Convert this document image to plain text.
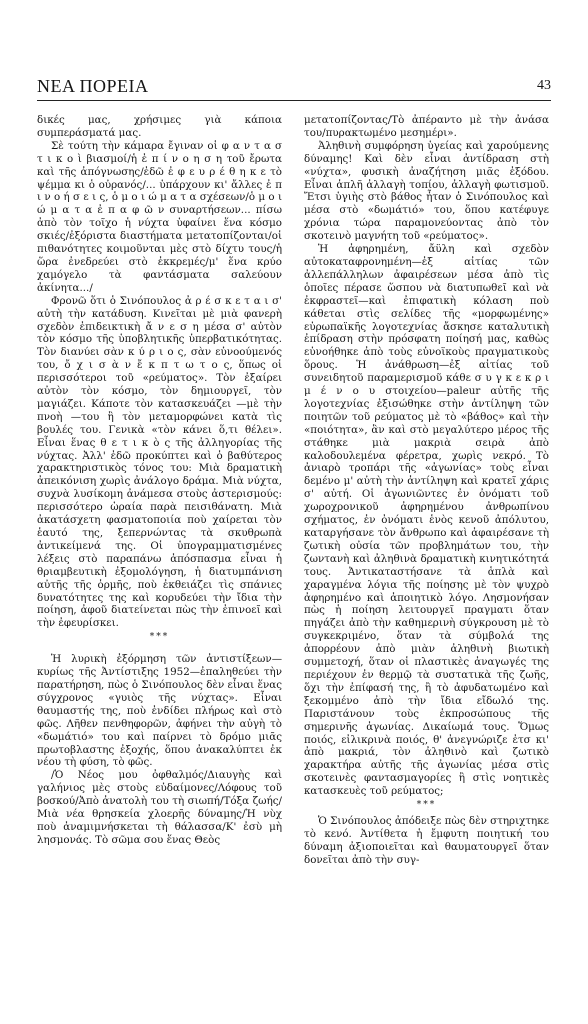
ΝΕΑ ΠΟΡΕΙΑ	43

δικές μας, χρήσιμες γιὰ κάποια συμπεράσματά μας.

Σὲ τούτη τὴν κάμαρα ἔγιναν οἱ φ α ν τ α σ τ ι κ ο ὶ βιασμοί/ἡ ἐ π ί ν ο η σ η τοῦ ἔρωτα καὶ τῆς ἀπόγνωσης/ἐδῶ ἐ φ ε υ ρ έ θ η κ ε τὸ ψέμμα κι ὁ οὐρανός/... ὑπάρχουν κι' ἄλλες ἐ π ι ν ο ή σ ε ι ς, ὁ μ ο ι ώ μ α τ α σχέσεων/ὁ μ ο ι ώ μ α τ α ἐ π α φ ῶ ν συναρτήσεων... πίσω ἀπὸ τὸν τοῖχο ἡ νύχτα ὑφαίνει ἕνα κόσμο σκιές/ἐξόριστα διαστήματα μετατοπίζονται/οἱ πιθανότητες κοιμοῦνται μὲς στὸ δίχτυ τους/ἡ ὥρα ἐνεδρεύει στὸ ἐκκρεμές/μ' ἕνα κρύο χαμόγελο τὰ φαντάσματα σαλεύουν ἀκίνητα.../

Φρονῶ ὅτι ὁ Σινόπουλος ἀ ρ έ σ κ ε τ α ι σ' αὐτὴ τὴν κατάδυση. Κινεῖται μὲ μιὰ φανερὴ σχεδὸν ἐπιδεικτικὴ ἄ ν ε σ η μέσα σ' αὐτὸν τὸν κόσμο τῆς ὑποβλητικῆς ὑπερβατικότητας. Τὸν διανύει σὰν κ ύ ρ ι ο ς, σὰν εὐνοούμενός του, ὄ χ ι σ ὰ ν ἔ κ π τ ω τ ο ς, ὅπως οἱ περισσότεροι τοῦ «ρεύματος». Τὸν ἐξαίρει αὐτὸν τὸν κόσμο, τὸν δημιουργεῖ, τὸν μαγιάζει. Κάποτε τὸν κατασκευάζει —μὲ τὴν πνοὴ —του ἢ τὸν μεταμορφώνει κατὰ τὶς βουλές του. Γενικὰ «τὸν κάνει ὅ,τι θέλει». Εἶναι ἕνας θ ε τ ι κ ὸ ς τῆς ἀλληγορίας τῆς νύχτας. Ἀλλ' ἐδῶ προκύπτει καὶ ὁ βαθύτερος χαρακτηριστικὸς τόνος του: Μιὰ δραματικὴ ἀπεικόνιση χωρὶς ἀνάλογο δράμα. Μιὰ νύχτα, συχνὰ λυσίκομη ἀνάμεσα στοὺς ἀστερισμούς: περισσότερο ὡραία παρὰ πεισιθάνατη. Μιὰ ἀκατάσχετη φασματοποιία ποὺ χαίρεται τὸν ἑαυτό της, ξεπερνώντας τὰ σκυθρωπὰ ἀντικείμενά της. Οἱ ὑπογραμματισμένες λέξεις στὸ παραπάνω ἀπόσπασμα εἶναι ἡ θριαμβευτικὴ ἐξομολόγηση, ἡ διατυμπάνιση αὐτῆς τῆς ὁρμῆς, ποὺ ἐκθειάζει τὶς σπάνιες δυνατότητες της καὶ κορυδεύει τὴν ἴδια τὴν ποίηση, ἀφοῦ διατείνεται πὼς τὴν ἐπινοεῖ καὶ τὴν ἐφευρίσκει.

***

Ἡ λυρικὴ ἐξόρμηση τῶν ἀντιστίξεων—κυρίως τῆς Ἀντίστιξης 1952—ἐπαληθεύει τὴν παρατήρηση, πὼς ὁ Σινόπουλος δὲν εἶναι ἕνας σύγχρονος «γυιὸς τῆς νύχτας». Εἶναι θαυμαστής της, ποὺ ἐνδίδει πλήρως καὶ στὸ φῶς. Λῆθεν πενθηφορῶν, ἀφήνει τὴν αὐγὴ τὸ «δωμάτιό» του καὶ παίρνει τὸ δρόμο μιᾶς πρωτοβλαστης ἐξοχής, ὅπου ἀνακαλύπτει ἐκ νέου τὴ φύση, τὸ φῶς.

/Ὁ Νέος μου ὀφθαλμός/Διαυγὴς καὶ γαλήνιος μὲς στοὺς εὐδαίμονες/Λόφους τοῦ βοσκού/Ἀπὸ ἀνατολὴ του τὴ σιωπή/Τόξα ζωής/Μιὰ νέα θρησκεία χλοερῆς δύναμης/Ἡ νὺχ ποὺ ἀναμιμνήσκεται τὴ θάλασσα/Κ' ἐσὺ μὴ λησμονάς. Τὸ σῶμα σου ἕνας Θεὸς

μετατοπίζοντας/Τὸ ἀπέραντο μὲ τὴν ἀνάσα του/πυρακτωμένο μεσημέρι».

Ἀληθινὴ συμφόρηση ὑγείας καὶ χαρούμενης δύναμης! Καὶ δὲν εἶναι ἀντίδραση στὴ «νύχτα», φυσικὴ ἀναζήτηση μιᾶς ἐξόδου. Εἶναι ἁπλῆ ἀλλαγὴ τοπίου, ἀλλαγὴ φωτισμοῦ. Ἔτσι ὑγιὴς στὸ βάθος ἦταν ὁ Σινόπουλος καὶ μέσα στὸ «δωμάτιό» του, ὅπου κατέφυγε χρόνια τώρα παραμονεύοντας ἀπὸ τὸν σκοτεινὸ μαγνήτη τοῦ «ρεύματος».

Ἡ ἀφηρημένη, ἄϋλη καὶ σχεδὸν αὐτοκαταφρονημένη—ἐξ αἰτίας τῶν ἀλλεπάλληλων ἀφαιρέσεων μέσα ἀπὸ τὶς ὁποῖες πέρασε ὥσπου νὰ διατυπωθεῖ καὶ νὰ ἐκφραστεῖ—καὶ ἐπιφατικὴ κόλαση ποὺ κάθεται στὶς σελίδες τῆς «μορφωμένης» εὐρωπαϊκῆς λογοτεχνίας ἄσκησε καταλυτικὴ ἐπίδραση στὴν πρόσφατη ποίησή μας, καθὼς εὐνοήθηκε ἀπὸ τοὺς εὐνοϊκοὺς πραγματικοὺς ὅρους. Ἡ ἀνάθρωση—ἐξ αἰτίας τοῦ συνειδητοῦ παραμερισμοῦ κάθε σ υ γ κ ε κ ρ ι μ έ ν ο υ στοιχείου—paleur αὐτῆς τῆς λογοτεχνίας ἐξισώθηκε στὴν ἀντίληψη τῶν ποιητῶν τοῦ ρεύματος μὲ τὸ «βάθος» καὶ τὴν «ποιότητα», ἂν καὶ στὸ μεγαλύτερο μέρος τῆς στάθηκε μιὰ μακριὰ σειρὰ ἀπὸ καλοδουλεμένα φέρετρα, χωρὶς νεκρό. Τὸ ἀνιαρὸ τροπάρι τῆς «ἀγωνίας» τοὺς εἶναι δεμένο μ' αὐτὴ τὴν ἀντίληψη καὶ κρατεῖ χάρις σ' αὐτή. Οἱ ἀγωνιῶντες ἐν ὀνόματι τοῦ χωροχρονικοῦ ἀφηρημένου ἀνθρωπίνου σχήματος, ἐν ὀνόματι ἑνὸς κενοῦ ἀπόλυτου, καταργήσανε τὸν ἄνθρωπο καὶ ἀφαιρέσανε τὴ ζωτικὴ οὐσία τῶν προβλημάτων του, τὴν ζωντανὴ καὶ ἀληθινὰ δραματικὴ κινητικότητά τους. Ἀντικαταστήσανε τὰ ἁπλὰ καὶ χαραγμένα λόγια τῆς ποίησης μὲ τὸν ψυχρὸ ἀφηρημένο καὶ ἀποιητικὸ λόγο. Λησμονήσαν πὼς ἡ ποίηση λειτουργεῖ πραγματι ὅταν πηγάζει ἀπὸ τὴν καθημερινὴ σύγκρουση μὲ τὸ συγκεκριμένο, ὅταν τὰ σύμβολά της ἀπορρέουν ἀπὸ μιὰν ἀληθινὴ βιωτικὴ συμμετοχή, ὅταν οἱ πλαστικὲς ἀναγωγές της περιέχουν ἐν θερμῷ τὰ συστατικὰ τῆς ζωῆς, ὅχι τὴν ἐπίφασή της, ἢ τὸ ἀφυδατωμένο καὶ ξεκομμένο ἀπὸ τὴν ἴδια εἴδωλό της. Παριστάνουν τοὺς ἐκπροσώπους τῆς σημερινῆς ἀγωνίας. Δικαίωμά τους. Ὅμως ποιός, εἰλικρινὰ ποιός, θ' ἀνεγνώριζε ἐτσ κι' ἀπὸ μακριά, τὸν ἀληθινὸ καὶ ζωτικὸ χαρακτήρα αὐτῆς τῆς ἀγωνίας μέσα στὶς σκοτεινὲς φαντασμαγορίες ἢ στὶς νοητικὲς κατασκευὲς τοῦ ρεύματος;

***

Ὁ Σινόπουλος ἀπόδειξε πὼς δὲν στηριχτηκε τὸ κενό. Ἀντίθετα ἡ ἔμφυτη ποιητική του δύναμη ἀξιοποιεῖται καὶ θαυματουργεῖ ὅταν δονεῖται ἀπὸ τὴν συγ-
